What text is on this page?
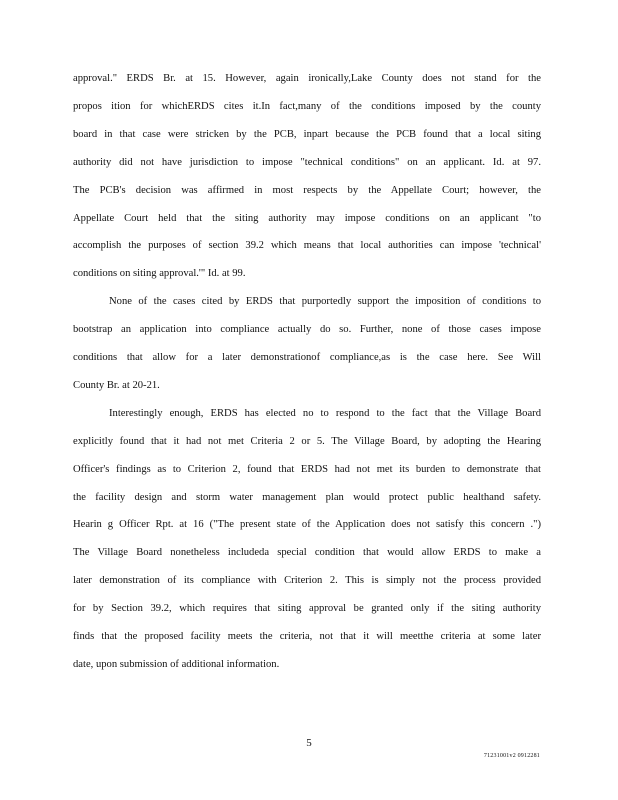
approval." ERDS Br. at 15. However, again ironically,Lake County does not stand for the
propos ition for whichERDS cites it.In fact,many of the conditions imposed by the county
board in that case were stricken by the PCB, inpart because the PCB found that a local siting
authority did not have jurisdiction to impose "technical conditions" on an applicant. Id. at 97.
The PCB's decision was affirmed in most respects by the Appellate Court; however, the
Appellate Court held that the siting authority may impose conditions on an applicant "to
accomplish the purposes of section 39.2 which means that local authorities can impose 'technical'
conditions on siting approval.'" Id. at 99.
None of the cases cited by ERDS that purportedly support the imposition of conditions to
bootstrap an application into compliance actually do so. Further, none of those cases impose
conditions that allow for a later demonstrationof compliance,as is the case here. See Will
County Br. at 20-21.
Interestingly enough, ERDS has elected no to respond to the fact that the Village Board
explicitly found that it had not met Criteria 2 or 5. The Village Board, by adopting the Hearing
Officer's findings as to Criterion 2, found that ERDS had not met its burden to demonstrate that
the facility design and storm water management plan would protect public healthand safety.
Hearin g Officer Rpt. at 16 ("The present state of the Application does not satisfy this concern .")
The Village Board nonetheless includeda special condition that would allow ERDS to make a
later demonstration of its compliance with Criterion 2. This is simply not the process provided
for by Section 39.2, which requires that siting approval be granted only if the siting authority
finds that the proposed facility meets the criteria, not that it will meetthe criteria at some later
date, upon submission of additional information.
5
71231001v2 0912281
